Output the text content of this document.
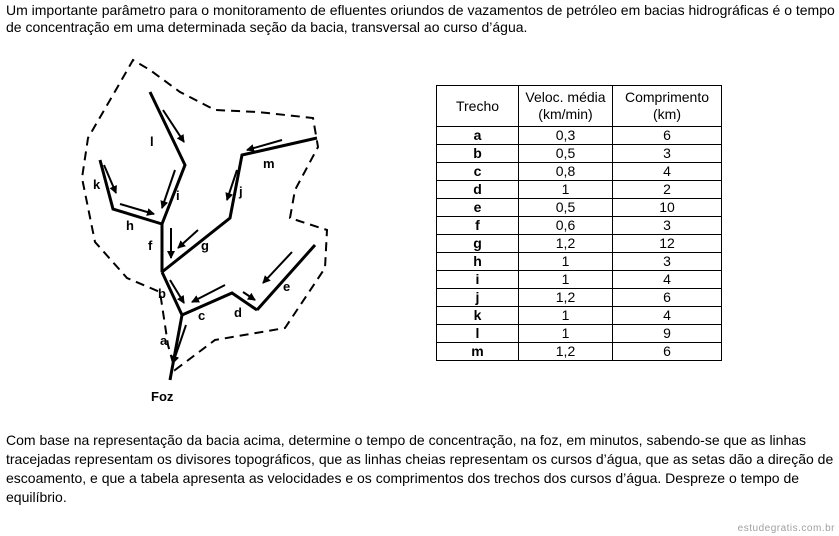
Um importante parâmetro para o monitoramento de efluentes oriundos de vazamentos de petróleo em bacias hidrográficas é o tempo de concentração em uma determinada seção da bacia, transversal ao curso d’água.

a
b
c d
e
f	g
h
i	j
k
l
m
Foz
Trecho	Veloc. média (km/min)	Comprimento (km)
a	0,3	6
b	0,5	3
c	0,8	4
d	1	2
e	0,5	10
f	0,6	3
g	1,2	12
h	1	3
i	1	4
j	1,2	6
k	1	4
l	1	9
m	1,2	6

Com base na representação da bacia acima, determine o tempo de concentração, na foz, em minutos, sabendo-se que as linhas tracejadas representam os divisores topográficos, que as linhas cheias representam os cursos d’água, que as setas dão a direção de escoamento, e que a tabela apresenta as velocidades e os comprimentos dos trechos dos cursos d’água. Despreze o tempo de equilíbrio.

estudegratis.com.br
